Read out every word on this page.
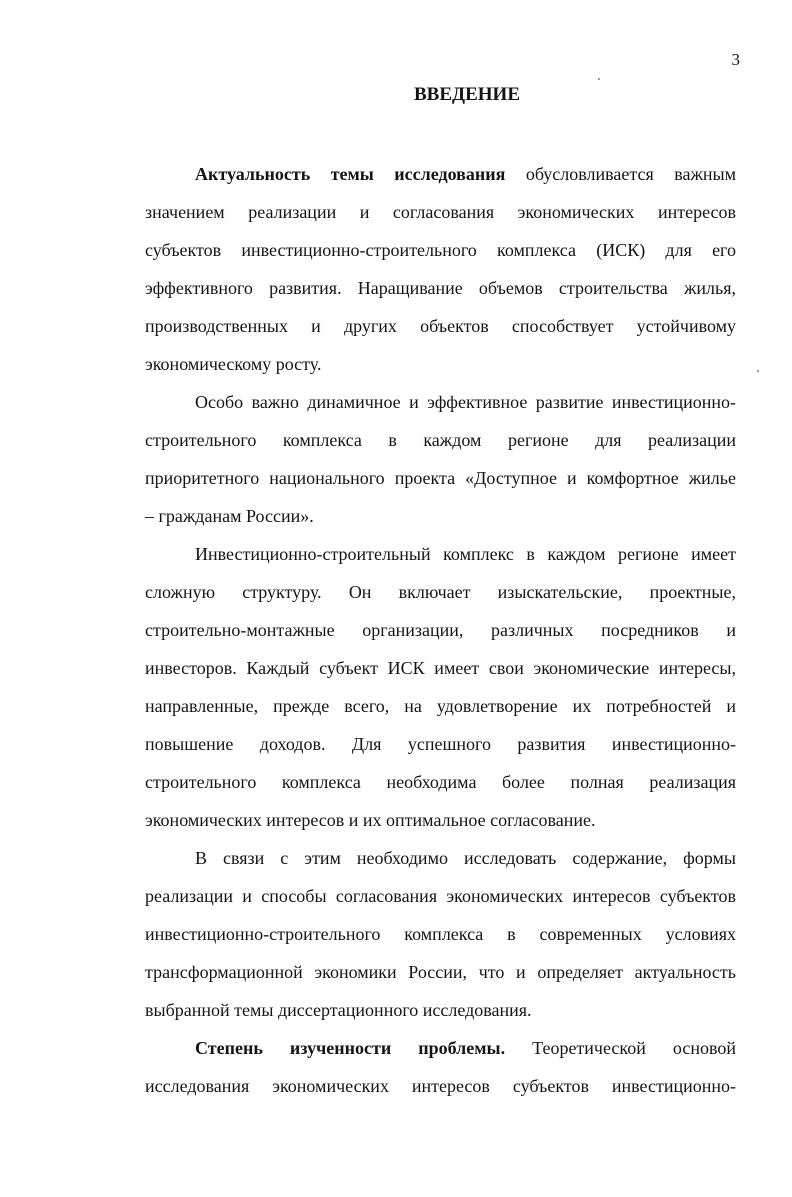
3
ВВЕДЕНИЕ
Актуальность темы исследования обусловливается важным
значением реализации и согласования экономических интересов
субъектов инвестиционно-строительного комплекса (ИСК) для его
эффективного развития. Наращивание объемов строительства жилья,
производственных и других объектов способствует устойчивому
экономическому росту.
Особо важно динамичное и эффективное развитие инвестиционно-
строительного комплекса в каждом регионе для реализации
приоритетного национального проекта «Доступное и комфортное жилье
– гражданам России».
Инвестиционно-строительный комплекс в каждом регионе имеет
сложную структуру. Он включает изыскательские, проектные,
строительно-монтажные организации, различных посредников и
инвесторов. Каждый субъект ИСК имеет свои экономические интересы,
направленные, прежде всего, на удовлетворение их потребностей и
повышение доходов. Для успешного развития инвестиционно-
строительного комплекса необходима более полная реализация
экономических интересов и их оптимальное согласование.
В связи с этим необходимо исследовать содержание, формы
реализации и способы согласования экономических интересов субъектов
инвестиционно-строительного комплекса в современных условиях
трансформационной экономики России, что и определяет актуальность
выбранной темы диссертационного исследования.
Степень изученности проблемы. Теоретической основой
исследования экономических интересов субъектов инвестиционно-
